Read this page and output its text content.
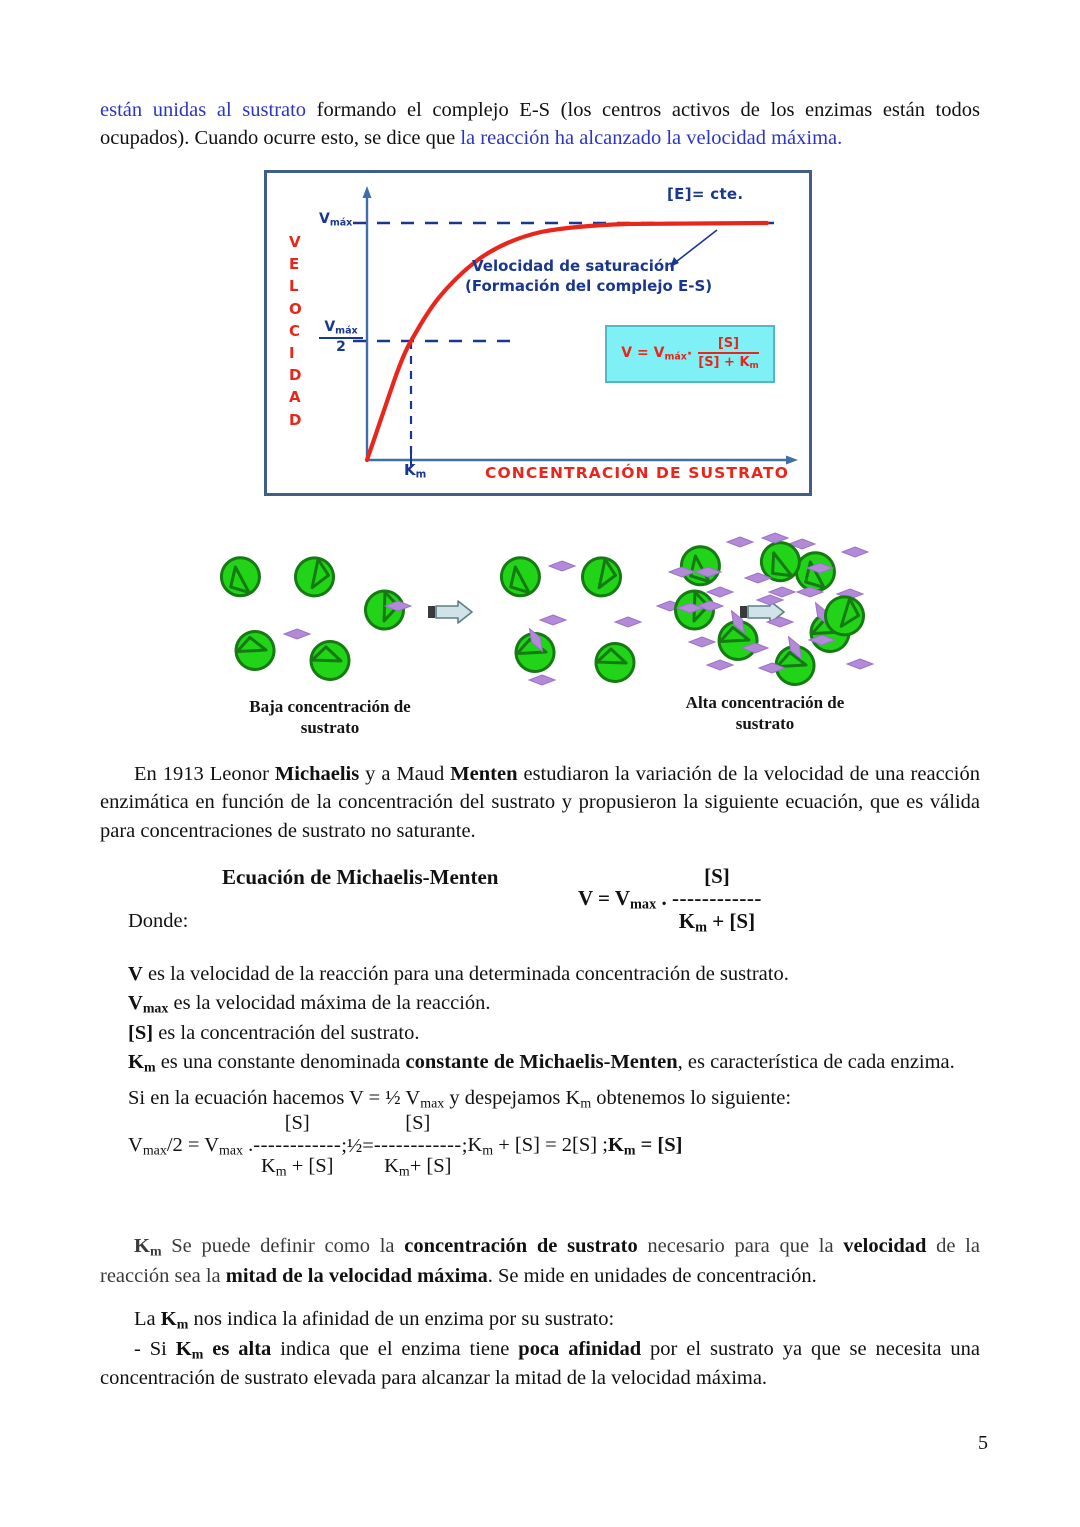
están unidas al sustrato formando el complejo E-S (los centros activos de los enzimas están todos ocupados). Cuando ocurre esto, se dice que la reacción ha alcanzado la velocidad máxima.

[E]= cte.
Velocidad de saturación
(Formación del complejo E-S)
$V_{máx}$
$V_{máx}$
2
$K_m$	CONCENTRACIÓN DE SUSTRATO
V
E
L
O
C
I
D
A
D
$V = V_{máx} \cdot \frac{[S]}{[S] + K_m}$
Baja concentración de
sustrato
Alta concentración de
sustrato

En 1913 Leonor Michaelis y a Maud Menten estudiaron la variación de la velocidad de una reacción enzimática en función de la concentración del sustrato y propusieron la siguiente ecuación, que es válida para concentraciones de sustrato no saturante.

Ecuación de Michaelis-Menten
$V = V_{max}$ .
[S]
------------
$K_m + [S]$
Donde:
V es la velocidad de la reacción para una determinada concentración de sustrato.
$V_{max}$ es la velocidad máxima de la reacción.
[S] es la concentración del sustrato.
$K_m$ es una constante denominada constante de Michaelis-Menten, es característica de cada enzima.
Si en la ecuación hacemos V = ½ $V_{max}$ y despejamos $K_m$ obtenemos lo siguiente:
$V_{max}/2 = V_{max}$ .
[S]
------------
$K_m + [S]$
;½=
[S]
------------
$K_m+ [S]$
$;K_m + [S] = 2[S]$ $;K_m = [S]$
$K_m$ Se puede definir como la concentración de sustrato necesario para que la velocidad de la reacción sea la mitad de la velocidad máxima. Se mide en unidades de concentración.
La $K_m$ nos indica la afinidad de un enzima por su sustrato:
- Si $K_m$ es alta indica que el enzima tiene poca afinidad por el sustrato ya que se necesita una concentración de sustrato elevada para alcanzar la mitad de la velocidad máxima.
5
